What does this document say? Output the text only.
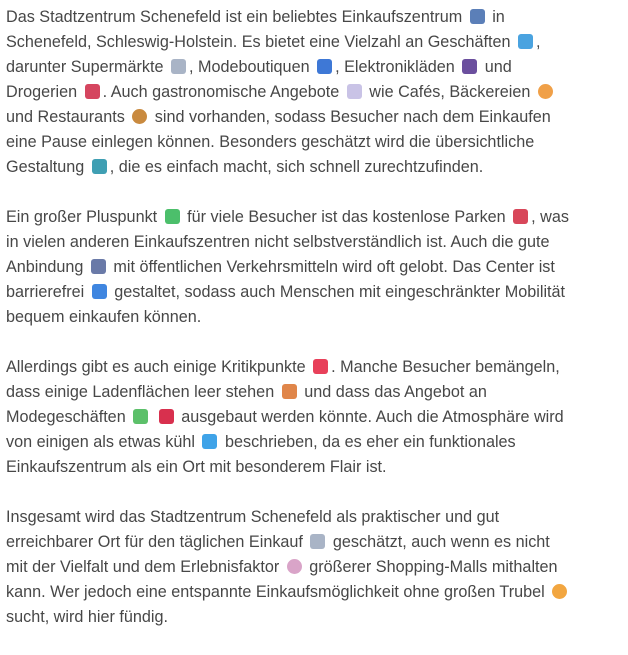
Das Stadtzentrum Schenefeld ist ein beliebtes Einkaufszentrum  in
Schenefeld, Schleswig-Holstein. Es bietet eine Vielzahl an Geschäften ,
darunter Supermärkte , Modeboutiquen , Elektronikläden  und
Drogerien . Auch gastronomische Angebote  wie Cafés, Bäckereien
und Restaurants  sind vorhanden, sodass Besucher nach dem Einkaufen
eine Pause einlegen können. Besonders geschätzt wird die übersichtliche
Gestaltung , die es einfach macht, sich schnell zurechtzufinden.
Ein großer Pluspunkt  für viele Besucher ist das kostenlose Parken , was
in vielen anderen Einkaufszentren nicht selbstverständlich ist. Auch die gute
Anbindung  mit öffentlichen Verkehrsmitteln wird oft gelobt. Das Center ist
barrierefrei  gestaltet, sodass auch Menschen mit eingeschränkter Mobilität
bequem einkaufen können.
Allerdings gibt es auch einige Kritikpunkte . Manche Besucher bemängeln,
dass einige Ladenflächen leer stehen  und dass das Angebot an
Modegeschäften	ausgebaut werden könnte. Auch die Atmosphäre wird
von einigen als etwas kühl  beschrieben, da es eher ein funktionales
Einkaufszentrum als ein Ort mit besonderem Flair ist.
Insgesamt wird das Stadtzentrum Schenefeld als praktischer und gut
erreichbarer Ort für den täglichen Einkauf  geschätzt, auch wenn es nicht
mit der Vielfalt und dem Erlebnisfaktor  größerer Shopping-Malls mithalten
kann. Wer jedoch eine entspannte Einkaufsmöglichkeit ohne großen Trubel
sucht, wird hier fündig.
